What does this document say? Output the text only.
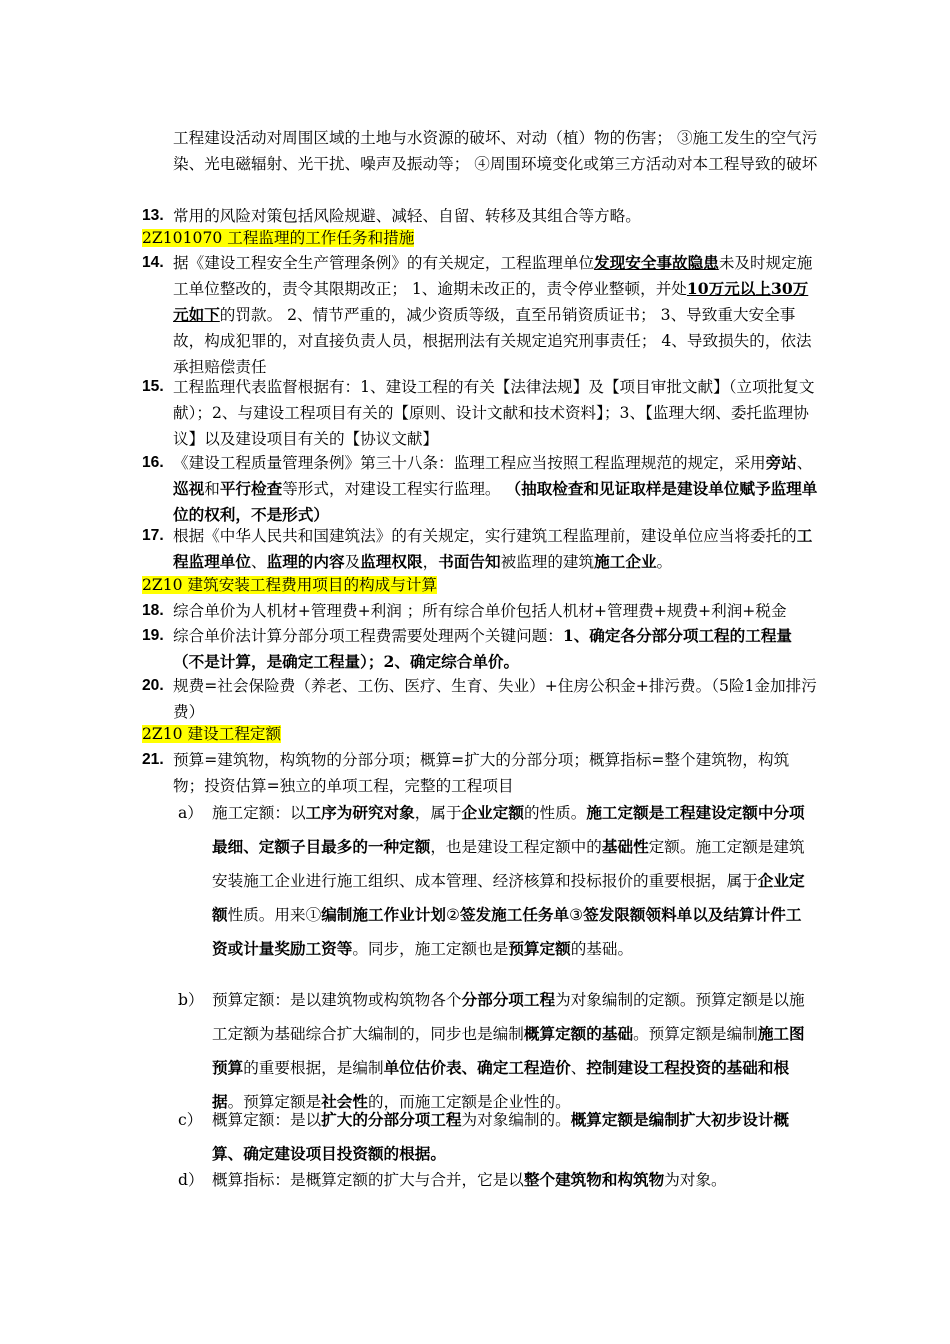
工程建设活动对周围区域的土地与水资源的破坏、对动（植）物的伤害； ③施工发生的空气污染、光电磁辐射、光干扰、噪声及振动等； ④周围环境变化或第三方活动对本工程导致的破坏
13. 常用的风险对策包括风险规避、减轻、自留、转移及其组合等方略。
2Z101070 工程监理的工作任务和措施
14. 据《建设工程安全生产管理条例》的有关规定，工程监理单位发现安全事故隐患未及时规定施工单位整改的，责令其限期改正； 1、逾期未改正的，责令停业整顿，并处10万元以上30万元如下的罚款。 2、情节严重的，减少资质等级，直至吊销资质证书； 3、导致重大安全事故，构成犯罪的，对直接负责人员，根据刑法有关规定追究刑事责任； 4、导致损失的，依法承担赔偿责任
15. 工程监理代表监督根据有：1、建设工程的有关【法律法规】及【项目审批文献】（立项批复文献）；2、与建设工程项目有关的【原则、设计文献和技术资料】；3、【监理大纲、委托监理协议】以及建设项目有关的【协议文献】
16. 《建设工程质量管理条例》第三十八条：监理工程应当按照工程监理规范的规定，采用旁站、巡视和平行检查等形式，对建设工程实行监理。 （抽取检查和见证取样是建设单位赋予监理单位的权利，不是形式）
17. 根据《中华人民共和国建筑法》的有关规定，实行建筑工程监理前，建设单位应当将委托的工程监理单位、监理的内容及监理权限，书面告知被监理的建筑施工企业。
2Z10 建筑安装工程费用项目的构成与计算
18. 综合单价为人机材+管理费+利润 ；所有综合单价包括人机材+管理费+规费+利润+税金
19. 综合单价法计算分部分项工程费需要处理两个关键问题：1、确定各分部分项工程的工程量（不是计算，是确定工程量）；2、确定综合单价。
20. 规费=社会保险费（养老、工伤、医疗、生育、失业）+住房公积金+排污费。（5险1金加排污费）
2Z10 建设工程定额
21. 预算=建筑物，构筑物的分部分项；概算=扩大的分部分项；概算指标=整个建筑物，构筑物；投资估算=独立的单项工程，完整的工程项目
a） 施工定额：以工序为研究对象，属于企业定额的性质。施工定额是工程建设定额中分项最细、定额子目最多的一种定额，也是建设工程定额中的基础性定额。施工定额是建筑安装施工企业进行施工组织、成本管理、经济核算和投标报价的重要根据，属于企业定额性质。用来①编制施工作业计划②签发施工任务单③签发限额领料单以及结算计件工资或计量奖励工资等。同步，施工定额也是预算定额的基础。
b） 预算定额：是以建筑物或构筑物各个分部分项工程为对象编制的定额。预算定额是以施工定额为基础综合扩大编制的，同步也是编制概算定额的基础。预算定额是编制施工图预算的重要根据，是编制单位估价表、确定工程造价、控制建设工程投资的基础和根据。预算定额是社会性的，而施工定额是企业性的。
c） 概算定额：是以扩大的分部分项工程为对象编制的。概算定额是编制扩大初步设计概算、确定建设项目投资额的根据。
d） 概算指标：是概算定额的扩大与合并，它是以整个建筑物和构筑物为对象。
